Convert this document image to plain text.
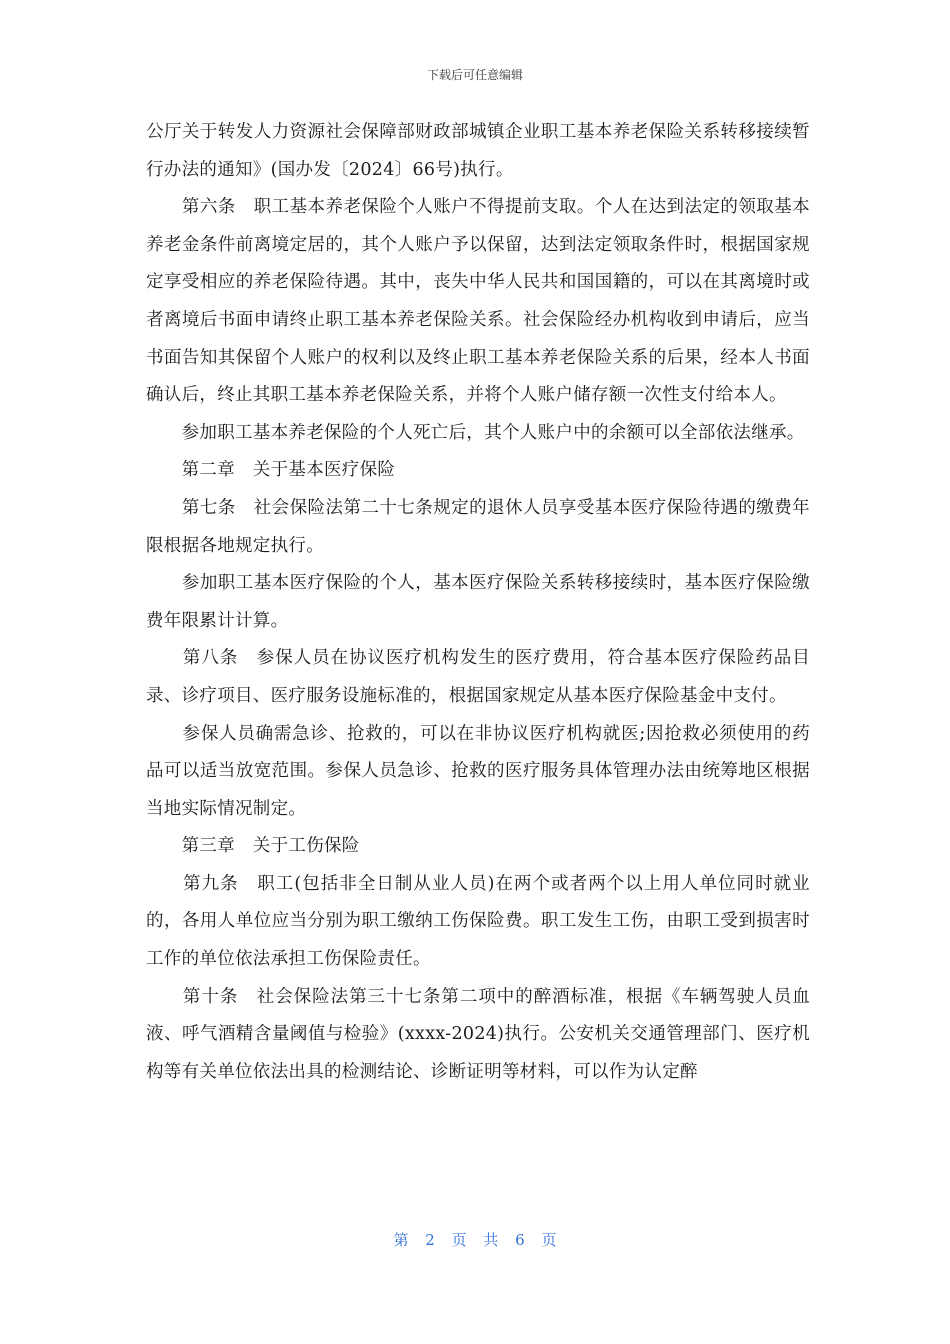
下载后可任意编辑

公厅关于转发人力资源社会保障部财政部城镇企业职工基本养老保险关系转移接续暂行办法的通知》(国办发〔2024〕66号)执行。

　　第六条　职工基本养老保险个人账户不得提前支取。个人在达到法定的领取基本养老金条件前离境定居的，其个人账户予以保留，达到法定领取条件时，根据国家规定享受相应的养老保险待遇。其中，丧失中华人民共和国国籍的，可以在其离境时或者离境后书面申请终止职工基本养老保险关系。社会保险经办机构收到申请后，应当书面告知其保留个人账户的权利以及终止职工基本养老保险关系的后果，经本人书面确认后，终止其职工基本养老保险关系，并将个人账户储存额一次性支付给本人。

　　参加职工基本养老保险的个人死亡后，其个人账户中的余额可以全部依法继承。

　　第二章　关于基本医疗保险

　　第七条　社会保险法第二十七条规定的退休人员享受基本医疗保险待遇的缴费年限根据各地规定执行。

　　参加职工基本医疗保险的个人，基本医疗保险关系转移接续时，基本医疗保险缴费年限累计计算。

　　第八条　参保人员在协议医疗机构发生的医疗费用，符合基本医疗保险药品目录、诊疗项目、医疗服务设施标准的，根据国家规定从基本医疗保险基金中支付。

　　参保人员确需急诊、抢救的，可以在非协议医疗机构就医;因抢救必须使用的药品可以适当放宽范围。参保人员急诊、抢救的医疗服务具体管理办法由统筹地区根据当地实际情况制定。

　　第三章　关于工伤保险

　　第九条　职工(包括非全日制从业人员)在两个或者两个以上用人单位同时就业的，各用人单位应当分别为职工缴纳工伤保险费。职工发生工伤，由职工受到损害时工作的单位依法承担工伤保险责任。

　　第十条　社会保险法第三十七条第二项中的醉酒标准，根据《车辆驾驶人员血液、呼气酒精含量阈值与检验》(xxxx-2024)执行。公安机关交通管理部门、医疗机构等有关单位依法出具的检测结论、诊断证明等材料，可以作为认定醉

第 2 页 共 6 页
